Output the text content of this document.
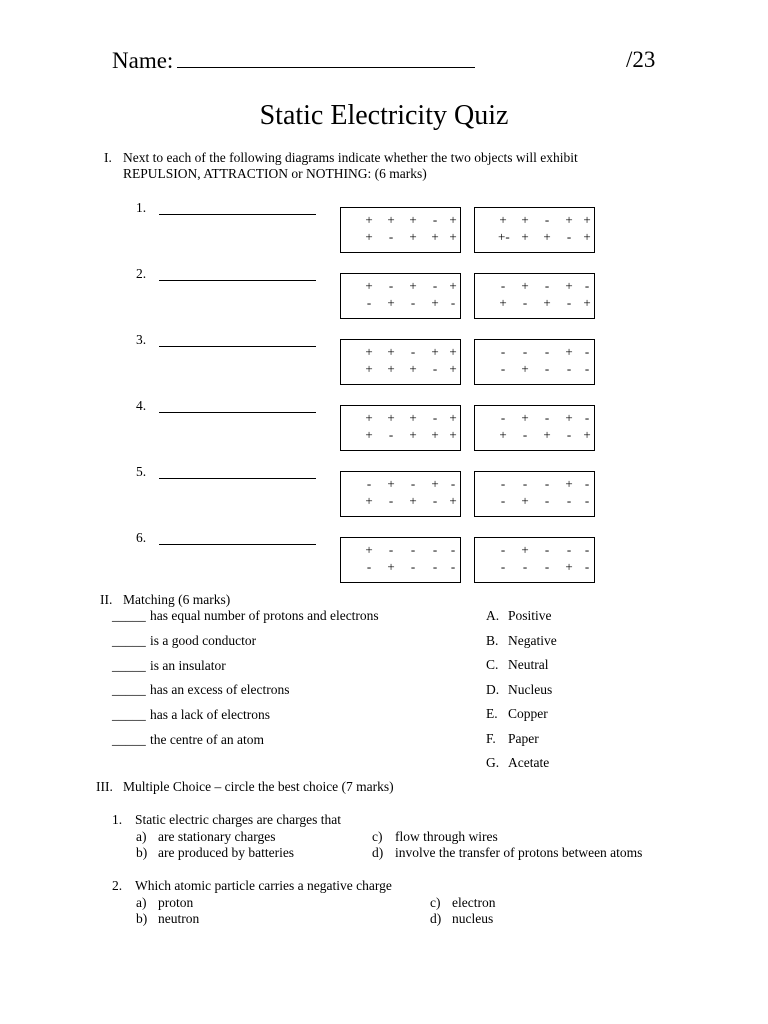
Name:	/23
Static Electricity Quiz
I. Next to each of the following diagrams indicate whether the two objects will exhibit
REPULSION, ATTRACTION or NOTHING: (6 marks)
1.
+ + + - +
+ - + + +
+ + - + +
+- + + - +
2.
+ - + - +
- + - + -
- + - + -
+ - + - +
3.
+ + - + +
+ + + - +
- - - + -
- + - - -
4.
+ + + - +
+ - + + +
- + - + -
+ - + - +
5.
- + - + -
+ - + - +
- - - + -
- + - - -
6.
+ - - - -
- + - - -
- + - - -
- - - + -
II. Matching (6 marks)
_____ has equal number of protons and electrons
_____ is a good conductor
_____ is an insulator
_____ has an excess of electrons
_____ has a lack of electrons
_____ the centre of an atom
A. Positive
B. Negative
C. Neutral
D. Nucleus
E. Copper
F. Paper
G. Acetate
III. Multiple Choice – circle the best choice (7 marks)
1. Static electric charges are charges that
a) are stationary charges	c) flow through wires
b) are produced by batteries	d) involve the transfer of protons between atoms
2. Which atomic particle carries a negative charge
a) proton	c) electron
b) neutron	d) nucleus
